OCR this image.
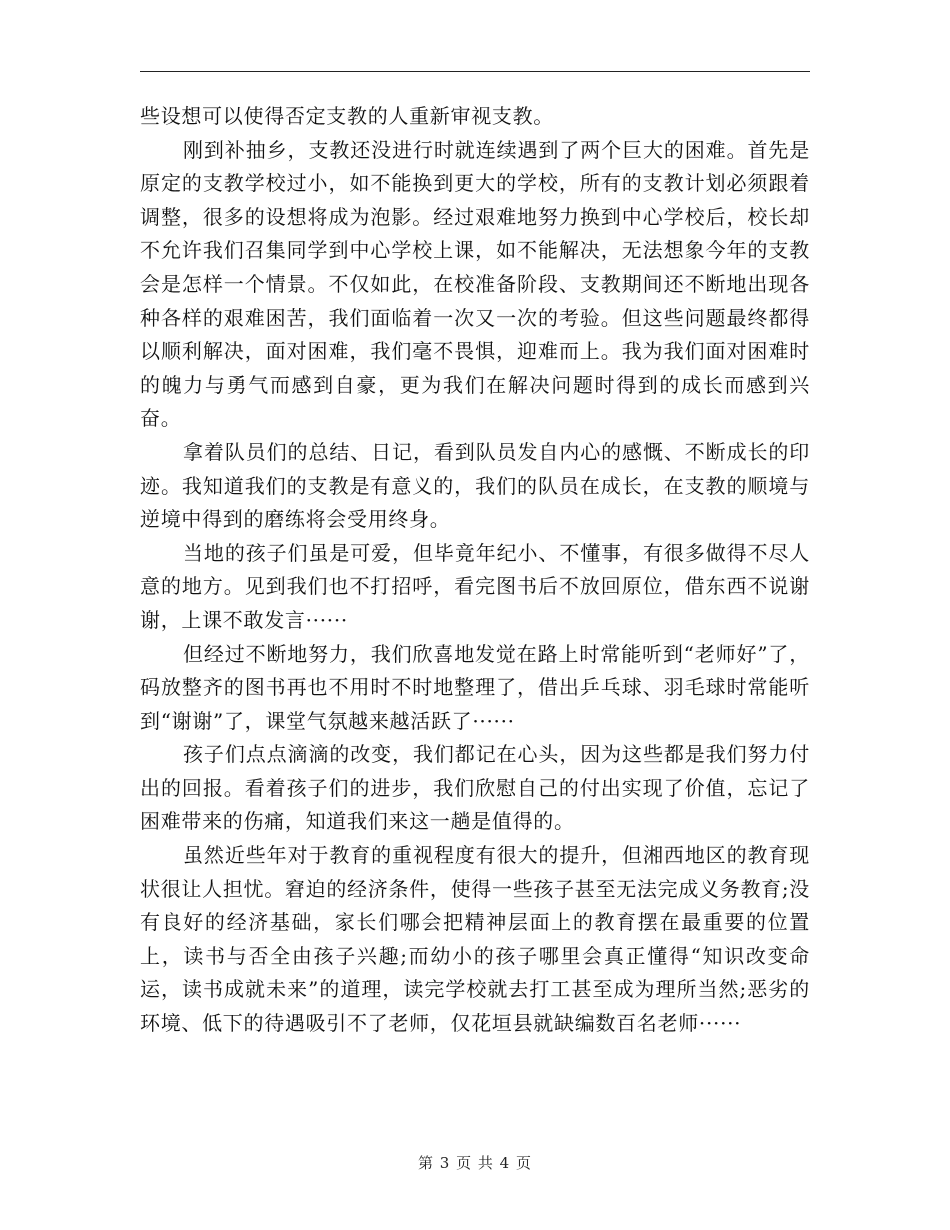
些设想可以使得否定支教的人重新审视支教。

刚到补抽乡，支教还没进行时就连续遇到了两个巨大的困难。首先是原定的支教学校过小，如不能换到更大的学校，所有的支教计划必须跟着调整，很多的设想将成为泡影。经过艰难地努力换到中心学校后，校长却不允许我们召集同学到中心学校上课，如不能解决，无法想象今年的支教会是怎样一个情景。不仅如此，在校准备阶段、支教期间还不断地出现各种各样的艰难困苦，我们面临着一次又一次的考验。但这些问题最终都得以顺利解决，面对困难，我们毫不畏惧，迎难而上。我为我们面对困难时的魄力与勇气而感到自豪，更为我们在解决问题时得到的成长而感到兴奋。

拿着队员们的总结、日记，看到队员发自内心的感慨、不断成长的印迹。我知道我们的支教是有意义的，我们的队员在成长，在支教的顺境与逆境中得到的磨练将会受用终身。

当地的孩子们虽是可爱，但毕竟年纪小、不懂事，有很多做得不尽人意的地方。见到我们也不打招呼，看完图书后不放回原位，借东西不说谢谢，上课不敢发言······

但经过不断地努力，我们欣喜地发觉在路上时常能听到“老师好”了，码放整齐的图书再也不用时不时地整理了，借出乒乓球、羽毛球时常能听到“谢谢”了，课堂气氛越来越活跃了······

孩子们点点滴滴的改变，我们都记在心头，因为这些都是我们努力付出的回报。看着孩子们的进步，我们欣慰自己的付出实现了价值，忘记了困难带来的伤痛，知道我们来这一趟是值得的。

虽然近些年对于教育的重视程度有很大的提升，但湘西地区的教育现状很让人担忧。窘迫的经济条件，使得一些孩子甚至无法完成义务教育;没有良好的经济基础，家长们哪会把精神层面上的教育摆在最重要的位置上，读书与否全由孩子兴趣;而幼小的孩子哪里会真正懂得“知识改变命运，读书成就未来”的道理，读完学校就去打工甚至成为理所当然;恶劣的环境、低下的待遇吸引不了老师，仅花垣县就缺编数百名老师······

第 3 页 共 4 页
